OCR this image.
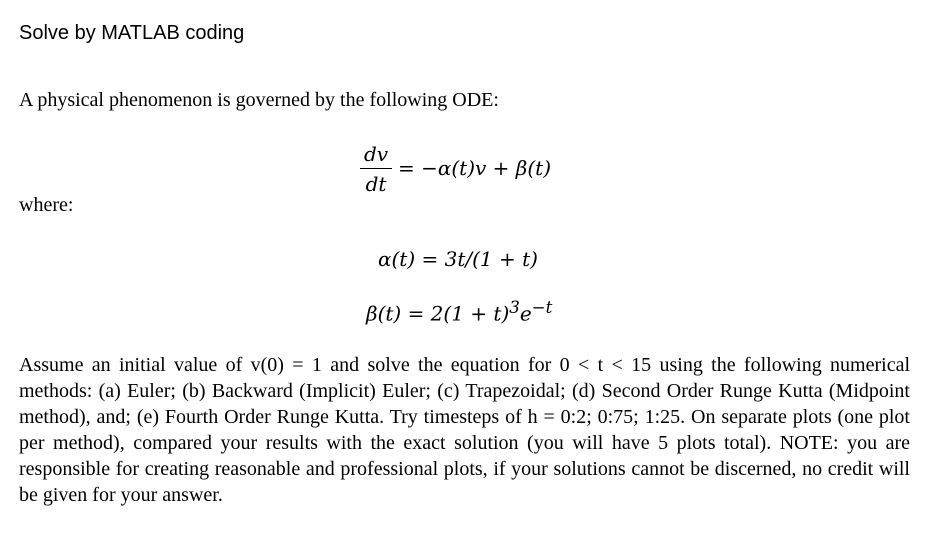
Solve by MATLAB coding
A physical phenomenon is governed by the following ODE:
dv
dt
= −α(t)v + β(t)
where:
α(t) = 3t/(1 + t)
$\beta(t) = 2(1 + t)^3e^{-t}$
Assume an initial value of v(0) = 1 and solve the equation for 0 < t < 15 using the following numerical methods: (a) Euler; (b) Backward (Implicit) Euler; (c) Trapezoidal; (d) Second Order Runge Kutta (Midpoint method), and; (e) Fourth Order Runge Kutta. Try timesteps of h = 0:2; 0:75; 1:25. On separate plots (one plot per method), compared your results with the exact solution (you will have 5 plots total). NOTE: you are responsible for creating reasonable and professional plots, if your solutions cannot be discerned, no credit will be given for your answer.
